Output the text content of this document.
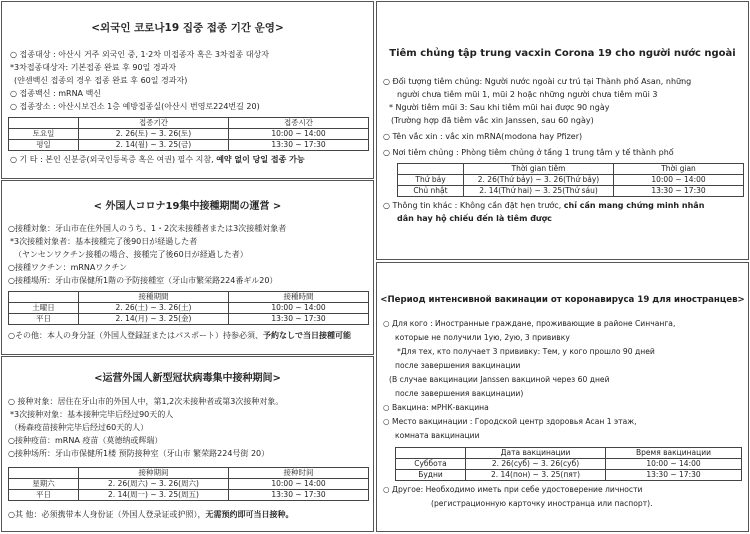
<외국인 코로나19 집중 접종 기간 운영>
○ 접종대상 : 아산시 거주 외국인 중, 1·2차 미접종자 혹은 3차접종 대상자
*3차접종대상자: 기본접종 완료 후 90일 경과자
(얀센백신 접종의 경우 접종 완료 후 60일 경과자)
○ 접종백신 : mRNA 백신
○ 접종장소 : 아산시보건소 1층 예방접종실(아산시 번영로224번길 20)
	접종기간	접종시간
토요일	2. 26(토) ~ 3. 26(토)	10:00 ~ 14:00
평일	2. 14(월) ~ 3. 25(금)	13:30 ~ 17:30
○ 기 타 : 본인 신분증(외국인등록증 혹은 여권) 필수 지참, 예약 없이 당일 접종 가능
< 外国人コロナ19集中接種期間の運営 >
○接種対象：牙山市在住外国人のうち、1・2次未接種者または3次接種対象者
*3次接種対象者：基本接種完了後90日が経過した者
（ヤンセンワクチン接種の場合、接種完了後60日が経過した者）
○接種ワクチン：mRNAワクチン
○接種場所：牙山市保健所1階の予防接種室（牙山市繁栄路224番ギル20）
	接種期間	接種時間
土曜日	2. 26(土) ~ 3. 26(土)	10:00 ~ 14:00
平日	2. 14(月) ~ 3. 25(金)	13:30 ~ 17:30
○その他：本人の身分証（外国人登録証またはパスポート）持参必須、予約なしで当日接種可能
<运营外国人新型冠状病毒集中接种期间>
○ 接种对象：居住在牙山市的外国人中，第1,2次未接种者或第3次接种对象。
*3次接种对象：基本接种完毕后经过90天的人
（杨森疫苗接种完毕后经过60天的人）
○接种疫苗：mRNA 疫苗（莫德纳或辉瑞）
○接种场所：牙山市保健所1楼 预防接种室（牙山市 繁荣路224号街 20）
	接种期间	接种时间
星期六	2. 26(周六) ~ 3. 26(周六)	10:00 ~ 14:00
平日	2. 14(周一) ~ 3. 25(周五)	13:30 ~ 17:30
○其 他：必须携带本人身份证（外国人登录证或护照），无需预约即可当日接种。
Tiêm chủng tập trung vacxin Corona 19 cho người nước ngoài
○ Đối tượng tiêm chủng: Người nước ngoài cư trú tại Thành phố Asan, những
người chưa tiêm mũi 1, mũi 2 hoặc những người chưa tiêm mũi 3
* Người tiêm mũi 3: Sau khi tiêm mũi hai được 90 ngày
(Trường hợp đã tiêm vắc xin Janssen, sau 60 ngày)
○ Tên vắc xin : vắc xin mRNA(modona hay Pfizer)
○ Nơi tiêm chủng : Phòng tiêm chủng ở tầng 1 trung tâm y tế thành phố
	Thời gian tiêm	Thời gian
Thứ bảy	2. 26(Thứ bảy) ~ 3. 26(Thứ bảy)	10:00 ~ 14:00
Chủ nhật	2. 14(Thứ hai) ~ 3. 25(Thứ sáu)	13:30 ~ 17:30
○ Thông tin khác : Không cần đặt hẹn trước, chỉ cần mang chứng minh nhân
dân hay hộ chiếu đến là tiêm được
<Период интенсивной вакинации от коронавируса 19 для иностранцев>
○ Для кого : Иностранные граждане, проживающие в районе Синчанга,
которые не получили 1ую, 2ую, 3 прививку
*Для тех, кто получает 3 прививку: Тем, у кого прошло 90 дней
после завершения вакцинации
(В случае вакцинации Janssen вакциной через 60 дней
после завершения вакцинации)
○ Вакцина: мРНК-вакцина
○ Место вакцинации : Городской центр здоровья Асан 1 этаж,
комната вакцинации
	Дата вакцинации	Время вакцинации
Суббота	2. 26(суб) ~ 3. 26(суб)	10:00 ~ 14:00
Будни	2. 14(пон) ~ 3. 25(пят)	13:30 ~ 17:30
○ Другое: Необходимо иметь при себе удостоверение личности
(регистрационную карточку иностранца или паспорт).
